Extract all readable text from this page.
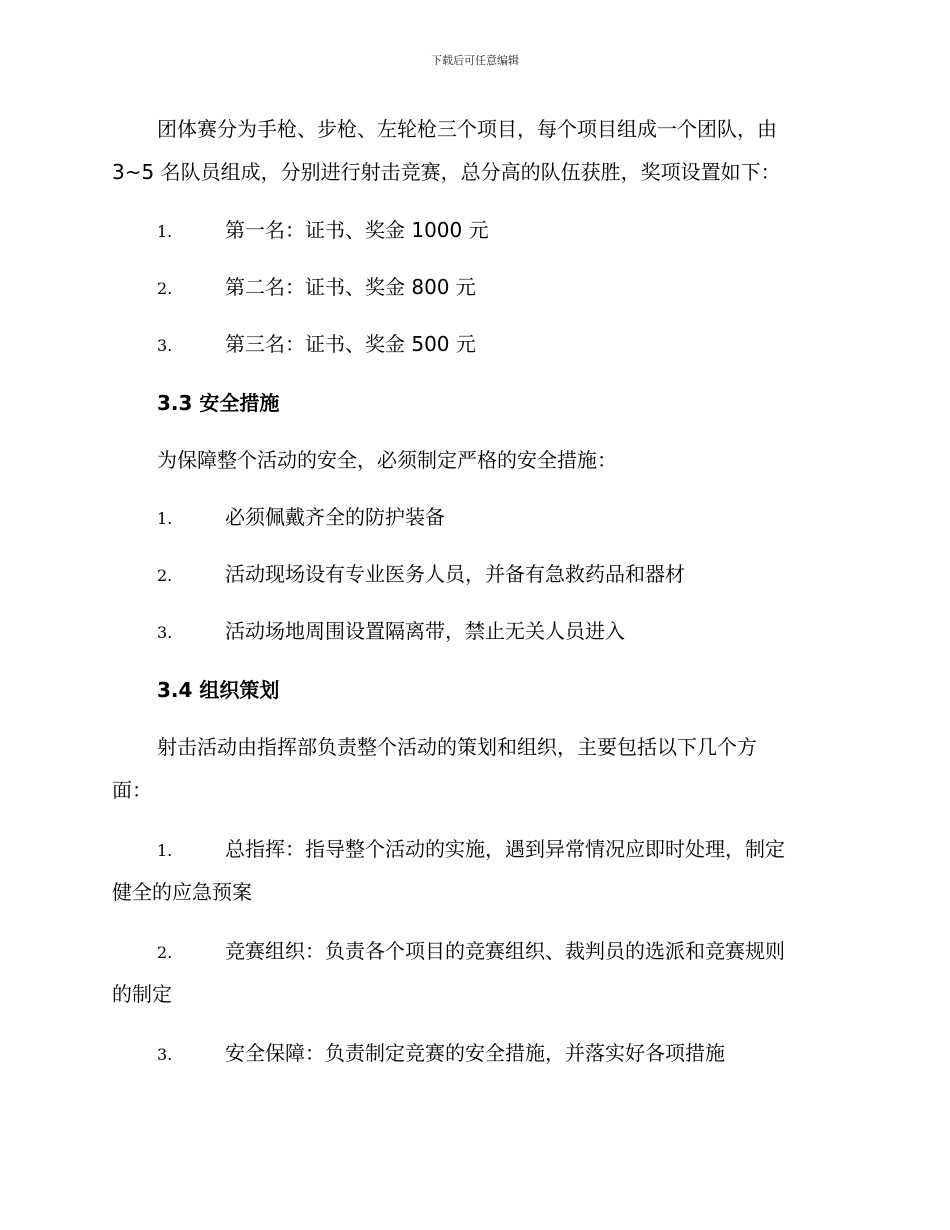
下载后可任意编辑
团体赛分为手枪、步枪、左轮枪三个项目，每个项目组成一个团队，由
3~5 名队员组成，分别进行射击竞赛，总分高的队伍获胜，奖项设置如下：
1.	第一名：证书、奖金 1000 元
2.	第二名：证书、奖金 800 元
3.	第三名：证书、奖金 500 元
3.3 安全措施
为保障整个活动的安全，必须制定严格的安全措施：
1.	必须佩戴齐全的防护装备
2.	活动现场设有专业医务人员，并备有急救药品和器材
3.	活动场地周围设置隔离带，禁止无关人员进入
3.4 组织策划
射击活动由指挥部负责整个活动的策划和组织，主要包括以下几个方
面：
1.	总指挥：指导整个活动的实施，遇到异常情况应即时处理，制定
健全的应急预案
2.	竞赛组织：负责各个项目的竞赛组织、裁判员的选派和竞赛规则
的制定
3.	安全保障：负责制定竞赛的安全措施，并落实好各项措施
